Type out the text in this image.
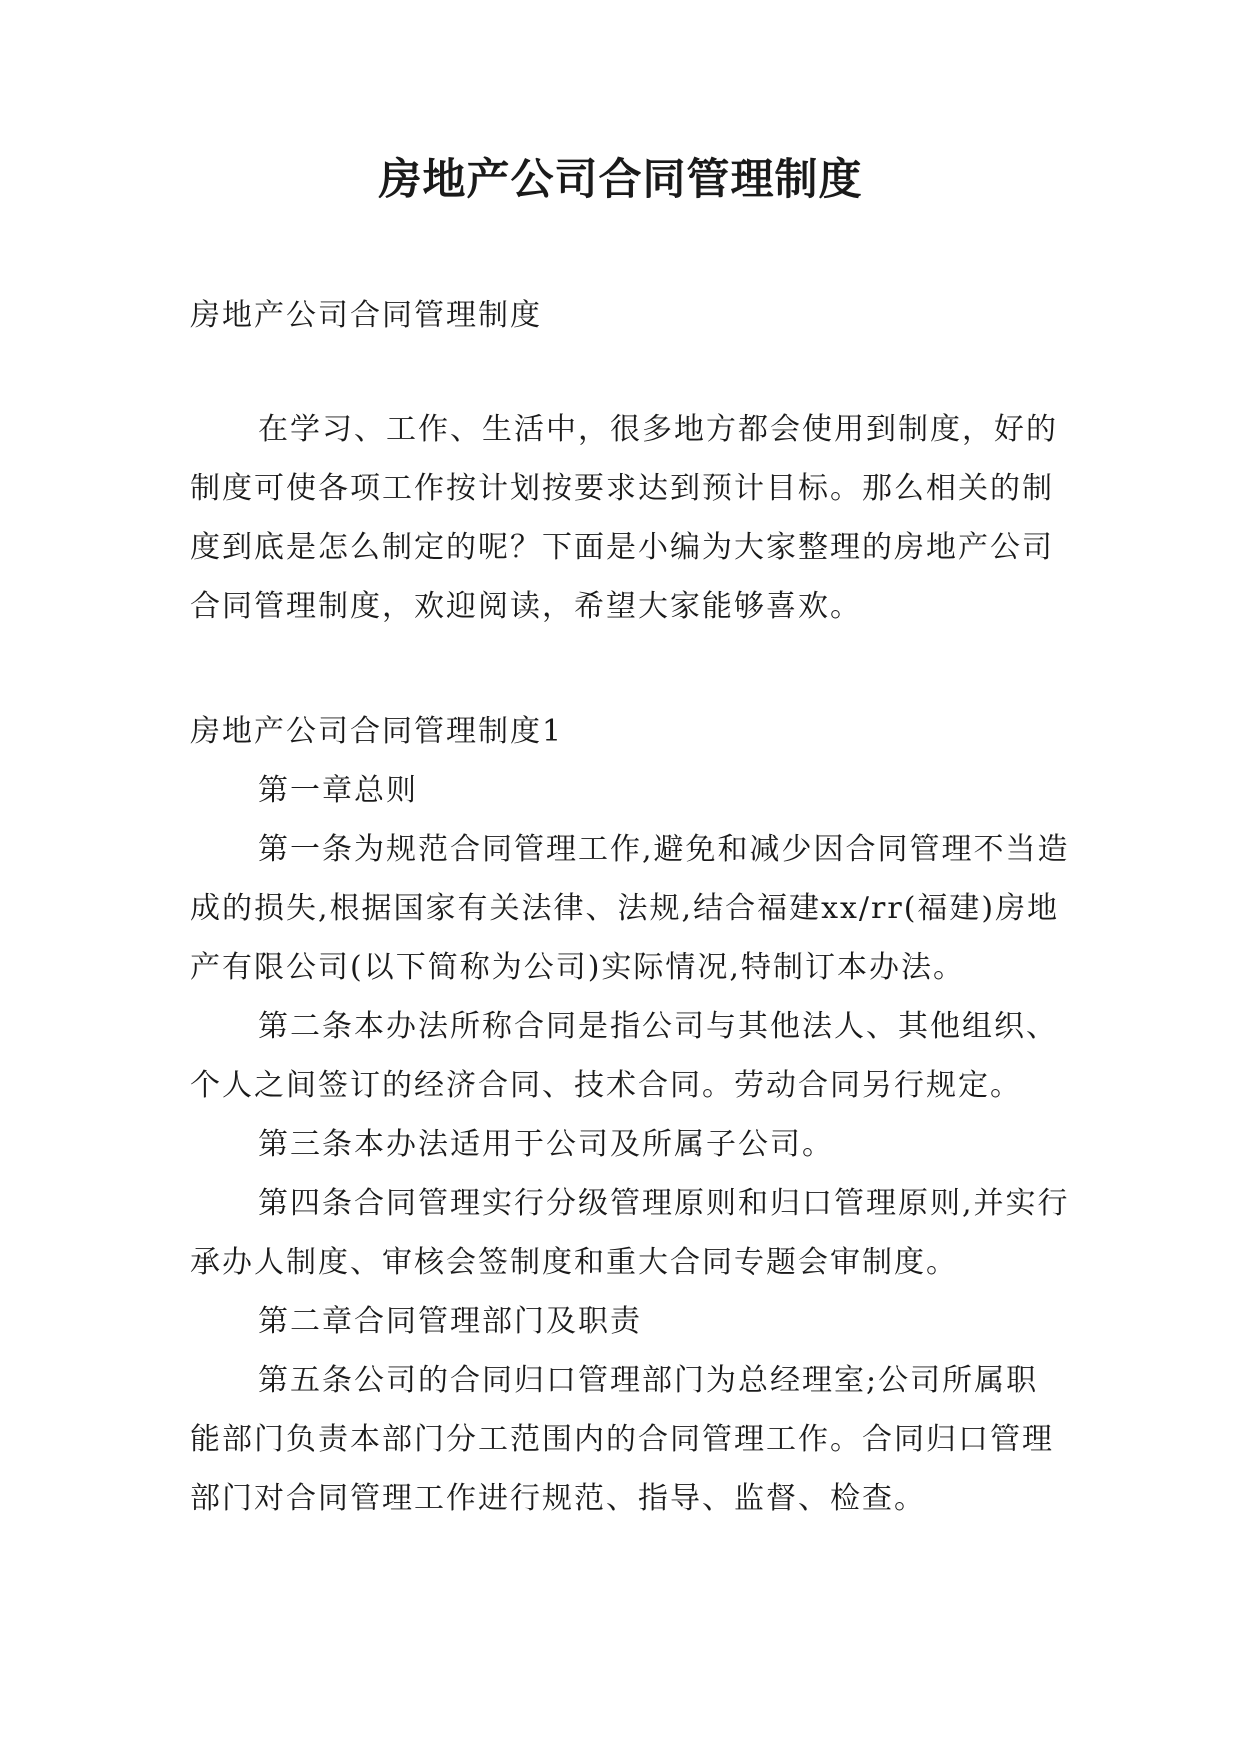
房地产公司合同管理制度

房地产公司合同管理制度

在学习、工作、生活中，很多地方都会使用到制度，好的制度可使各项工作按计划按要求达到预计目标。那么相关的制度到底是怎么制定的呢？下面是小编为大家整理的房地产公司合同管理制度，欢迎阅读，希望大家能够喜欢。

房地产公司合同管理制度1

第一章总则

第一条为规范合同管理工作,避免和减少因合同管理不当造成的损失,根据国家有关法律、法规,结合福建xx/rr(福建)房地产有限公司(以下简称为公司)实际情况,特制订本办法。

第二条本办法所称合同是指公司与其他法人、其他组织、个人之间签订的经济合同、技术合同。劳动合同另行规定。

第三条本办法适用于公司及所属子公司。

第四条合同管理实行分级管理原则和归口管理原则,并实行承办人制度、审核会签制度和重大合同专题会审制度。

第二章合同管理部门及职责

第五条公司的合同归口管理部门为总经理室;公司所属职能部门负责本部门分工范围内的合同管理工作。合同归口管理部门对合同管理工作进行规范、指导、监督、检查。
